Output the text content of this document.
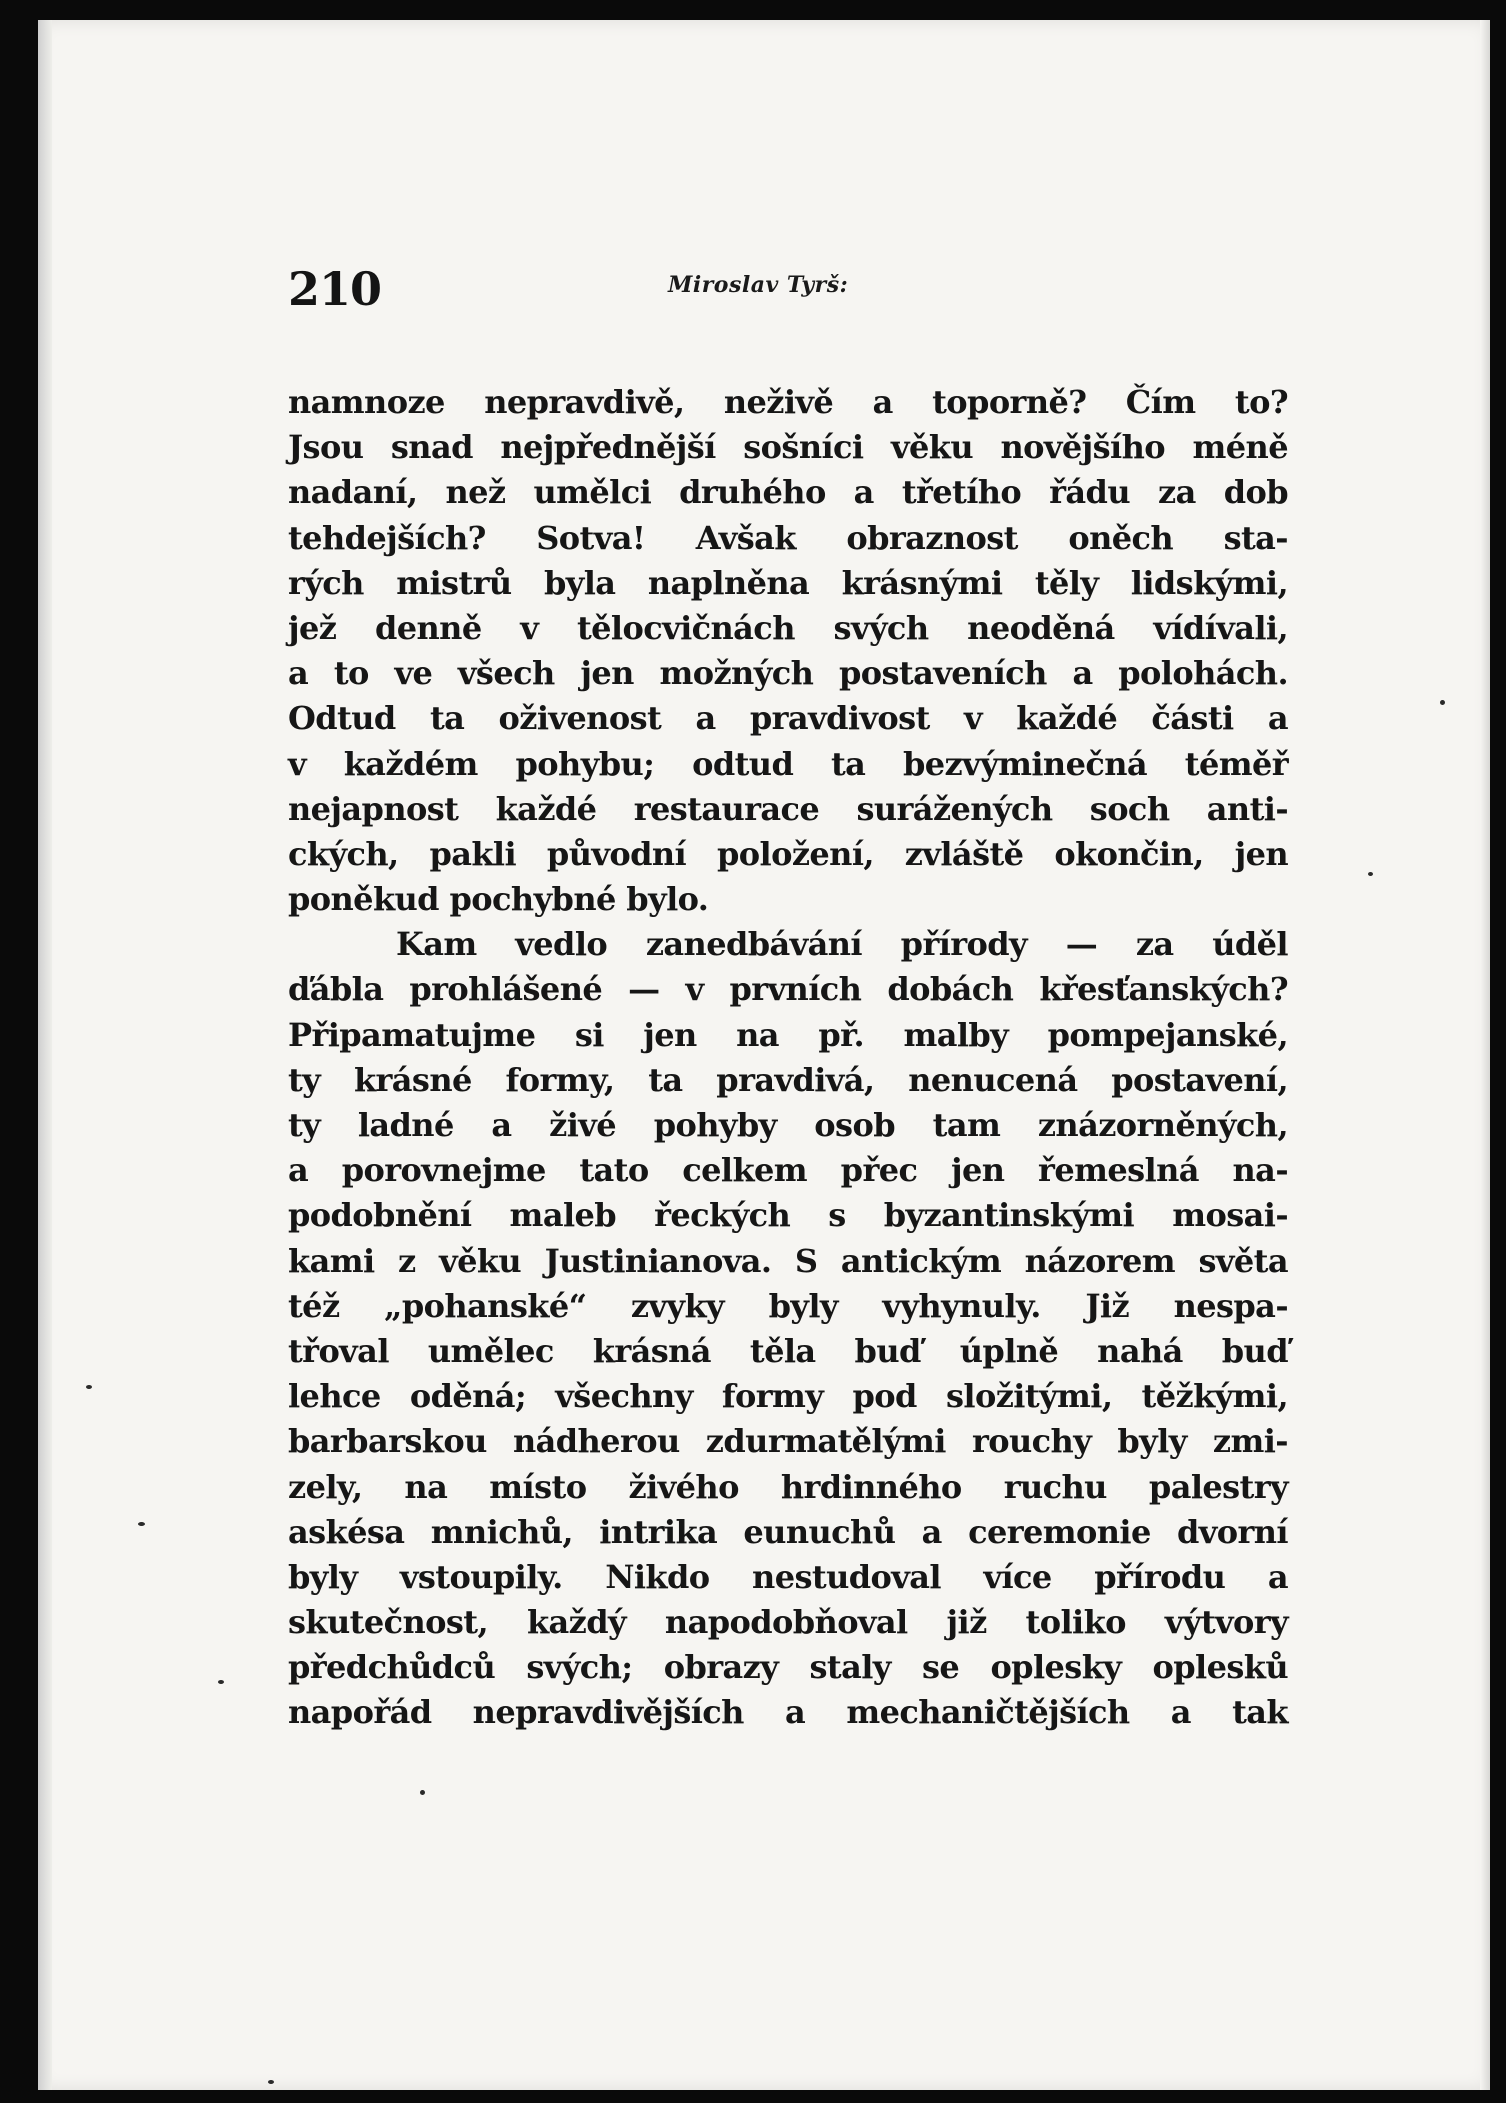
210	Miroslav Tyrš:
namnoze nepravdivě, neživě a toporně? Čím to?
Jsou snad nejpřednější sošníci věku novějšího méně
nadaní, než umělci druhého a třetího řádu za dob
tehdejších? Sotva! Avšak obraznost oněch sta-
rých mistrů byla naplněna krásnými těly lidskými,
jež denně v tělocvičnách svých neoděná vídívali,
a to ve všech jen možných postaveních a polohách.
Odtud ta oživenost a pravdivost v každé části a
v každém pohybu; odtud ta bezvýminečná téměř
nejapnost každé restaurace surážených soch anti-
ckých, pakli původní položení, zvláště okončin, jen
poněkud pochybné bylo.
Kam vedlo zanedbávání přírody — za úděl
ďábla prohlášené — v prvních dobách křesťanských?
Připamatujme si jen na př. malby pompejanské,
ty krásné formy, ta pravdivá, nenucená postavení,
ty ladné a živé pohyby osob tam znázorněných,
a porovnejme tato celkem přec jen řemeslná na-
podobnění maleb řeckých s byzantinskými mosai-
kami z věku Justinianova. S antickým názorem světa
též „pohanské“ zvyky byly vyhynuly. Již nespa-
třoval umělec krásná těla buď úplně nahá buď
lehce oděná; všechny formy pod složitými, těžkými,
barbarskou nádherou zdurmatělými rouchy byly zmi-
zely, na místo živého hrdinného ruchu palestry
askésa mnichů, intrika eunuchů a ceremonie dvorní
byly vstoupily. Nikdo nestudoval více přírodu a
skutečnost, každý napodobňoval již toliko výtvory
předchůdců svých; obrazy staly se oplesky oplesků
napořád nepravdivějších a mechaničtějších a tak
